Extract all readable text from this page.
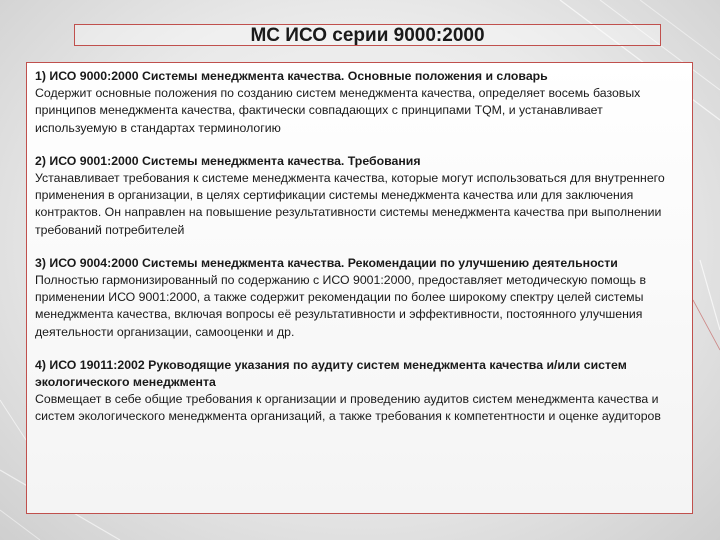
МС ИСО серии 9000:2000
1) ИСО 9000:2000 Системы менеджмента качества. Основные положения и словарь
Содержит основные положения по созданию систем менеджмента качества, определяет восемь базовых принципов менеджмента качества, фактически совпадающих с принципами TQM, и устанавливает используемую в стандартах терминологию
2) ИСО 9001:2000 Системы менеджмента качества. Требования
Устанавливает требования к системе менеджмента качества, которые могут использоваться для внутреннего применения в организации, в целях сертификации системы менеджмента качества или для заключения контрактов. Он направлен на повышение результативности системы менеджмента качества при выполнении требований потребителей
3) ИСО 9004:2000 Системы менеджмента качества. Рекомендации по улучшению деятельности
Полностью гармонизированный по содержанию с ИСО 9001:2000, предоставляет методическую помощь в применении ИСО 9001:2000, а также содержит рекомендации по более широкому спектру целей системы менеджмента качества, включая вопросы её результативности и эффективности, постоянного улучшения деятельности организации, самооценки и др.
4) ИСО 19011:2002 Руководящие указания по аудиту систем менеджмента качества и/или систем экологического менеджмента
Совмещает в себе общие требования к организации и проведению аудитов систем менеджмента качества и систем экологического менеджмента организаций, а также требования к компетентности и оценке аудиторов
